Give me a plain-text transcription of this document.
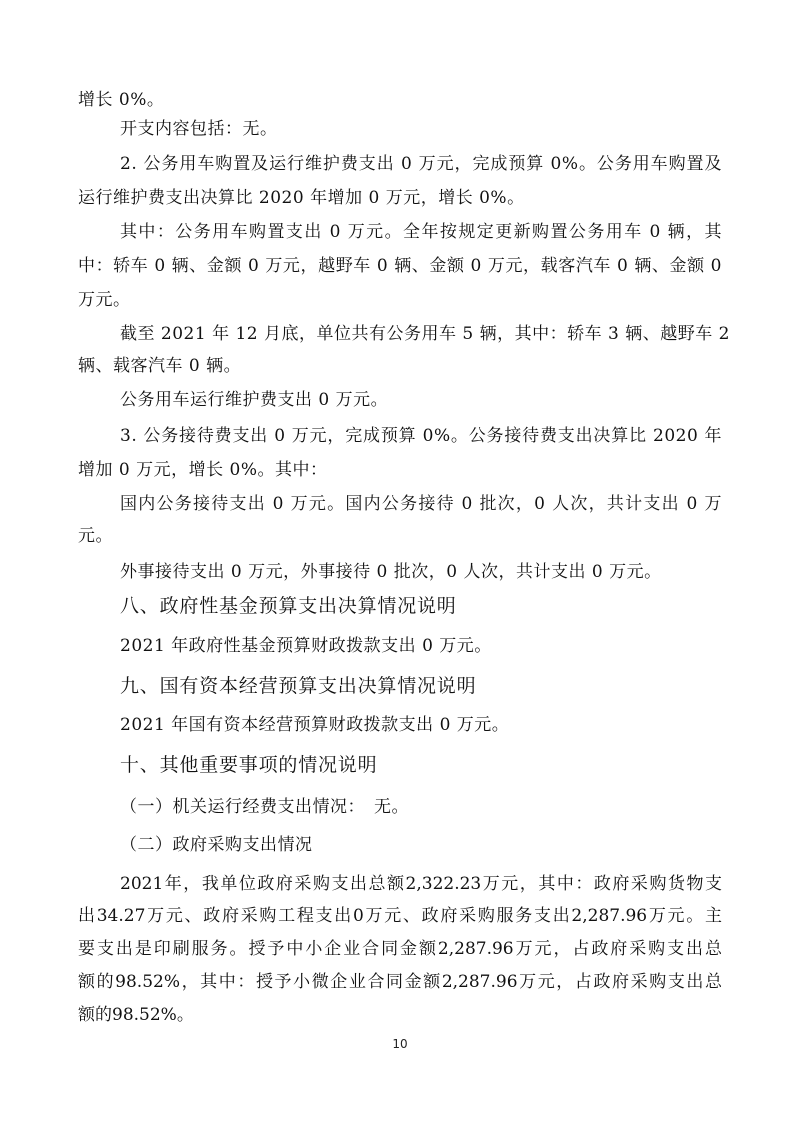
增长 0%。
开支内容包括：无。
2. 公务用车购置及运行维护费支出 0 万元，完成预算 0%。公务用车购置及
运行维护费支出决算比 2020 年增加 0 万元，增长 0%。
其中：公务用车购置支出 0 万元。全年按规定更新购置公务用车 0 辆，其
中：轿车 0 辆、金额 0 万元，越野车 0 辆、金额 0 万元，载客汽车 0 辆、金额 0
万元。
截至 2021 年 12 月底，单位共有公务用车 5 辆，其中：轿车 3 辆、越野车 2
辆、载客汽车 0 辆。
公务用车运行维护费支出 0 万元。
3. 公务接待费支出 0 万元，完成预算 0%。公务接待费支出决算比 2020 年
增加 0 万元，增长 0%。其中：
国内公务接待支出 0 万元。国内公务接待 0 批次，0 人次，共计支出 0 万
元。
外事接待支出 0 万元，外事接待 0 批次，0 人次，共计支出 0 万元。
八、政府性基金预算支出决算情况说明
2021 年政府性基金预算财政拨款支出 0 万元。
九、国有资本经营预算支出决算情况说明
2021 年国有资本经营预算财政拨款支出 0 万元。
十、其他重要事项的情况说明
（一）机关运行经费支出情况：　无。
（二）政府采购支出情况
2021年，我单位政府采购支出总额2,322.23万元，其中：政府采购货物支
出34.27万元、政府采购工程支出0万元、政府采购服务支出2,287.96万元。主
要支出是印刷服务。授予中小企业合同金额2,287.96万元，占政府采购支出总
额的98.52%，其中：授予小微企业合同金额2,287.96万元，占政府采购支出总
额的98.52%。
10
